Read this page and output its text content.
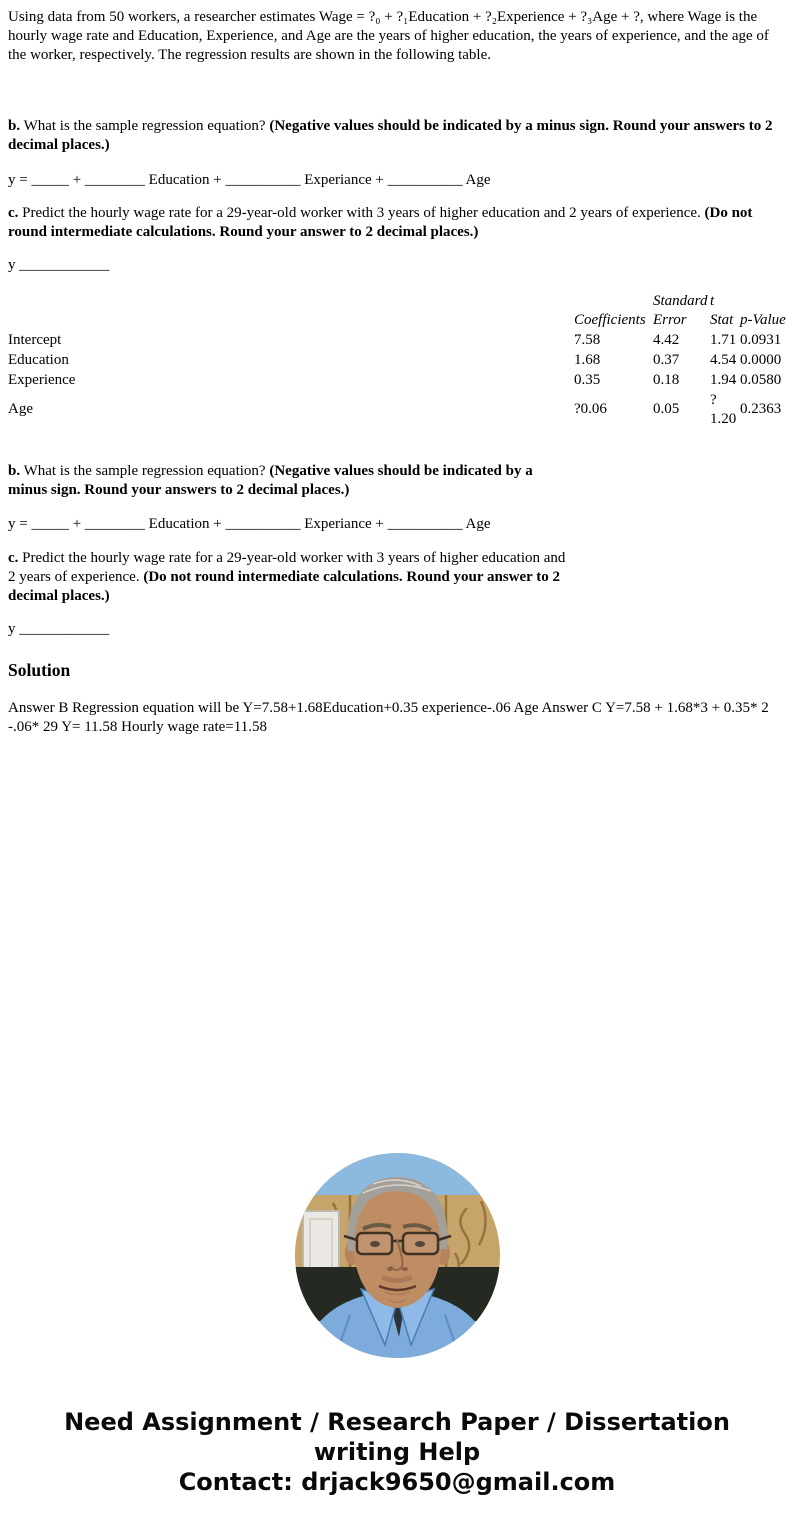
Using data from 50 workers, a researcher estimates Wage = ?₀ + ?₁Education + ?₂Experience + ?₃Age + ?, where Wage is the hourly wage rate and Education, Experience, and Age are the years of higher education, the years of experience, and the age of the worker, respectively. The regression results are shown in the following table.

b. What is the sample regression equation? (Negative values should be indicated by a minus sign. Round your answers to 2 decimal places.)
y = _____ + ________ Education + __________ Experiance + __________ Age
c. Predict the hourly wage rate for a 29-year-old worker with 3 years of higher education and 2 years of experience. (Do not round intermediate calculations. Round your answer to 2 decimal places.)
y ____________
	Coefficients	Standard Error	t Stat	p-Value
Intercept	7.58	4.42	1.71	0.0931
Education	1.68	0.37	4.54	0.0000
Experience	0.35	0.18	1.94	0.0580
Age	?0.06	0.05	? 1.20	0.2363
b. What is the sample regression equation? (Negative values should be indicated by a minus sign. Round your answers to 2 decimal places.)
y = _____ + ________ Education + __________ Experiance + __________ Age
c. Predict the hourly wage rate for a 29-year-old worker with 3 years of higher education and 2 years of experience. (Do not round intermediate calculations. Round your answer to 2 decimal places.)
y ____________
Solution

Answer B Regression equation will be Y=7.58+1.68Education+0.35 experience-.06 Age Answer C Y=7.58 + 1.68*3 + 0.35* 2 -.06* 29 Y= 11.58 Hourly wage rate=11.58

Need Assignment / Research Paper / Dissertation
writing Help
Contact: drjack9650@gmail.com
